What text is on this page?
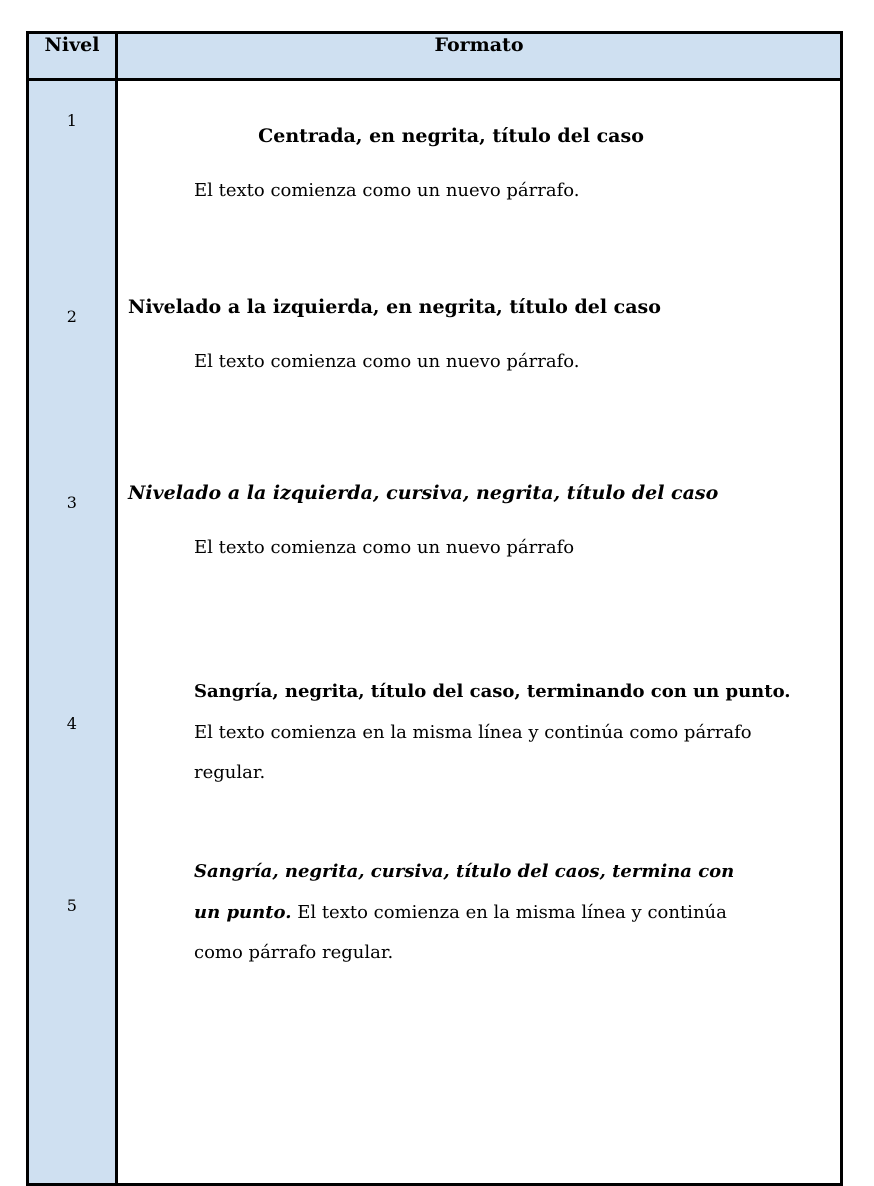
Nivel	Formato

1	Centrada, en negrita, título del caso
El texto comienza como un nuevo párrafo.

2	Nivelado a la izquierda, en negrita, título del caso
El texto comienza como un nuevo párrafo.

3	Nivelado a la izquierda, cursiva, negrita, título del caso
El texto comienza como un nuevo párrafo

4	Sangría, negrita, título del caso, terminando con un punto. El texto comienza en la misma línea y continúa como párrafo regular.

5	Sangría, negrita, cursiva, título del caos, termina con un punto. El texto comienza en la misma línea y continúa como párrafo regular.
